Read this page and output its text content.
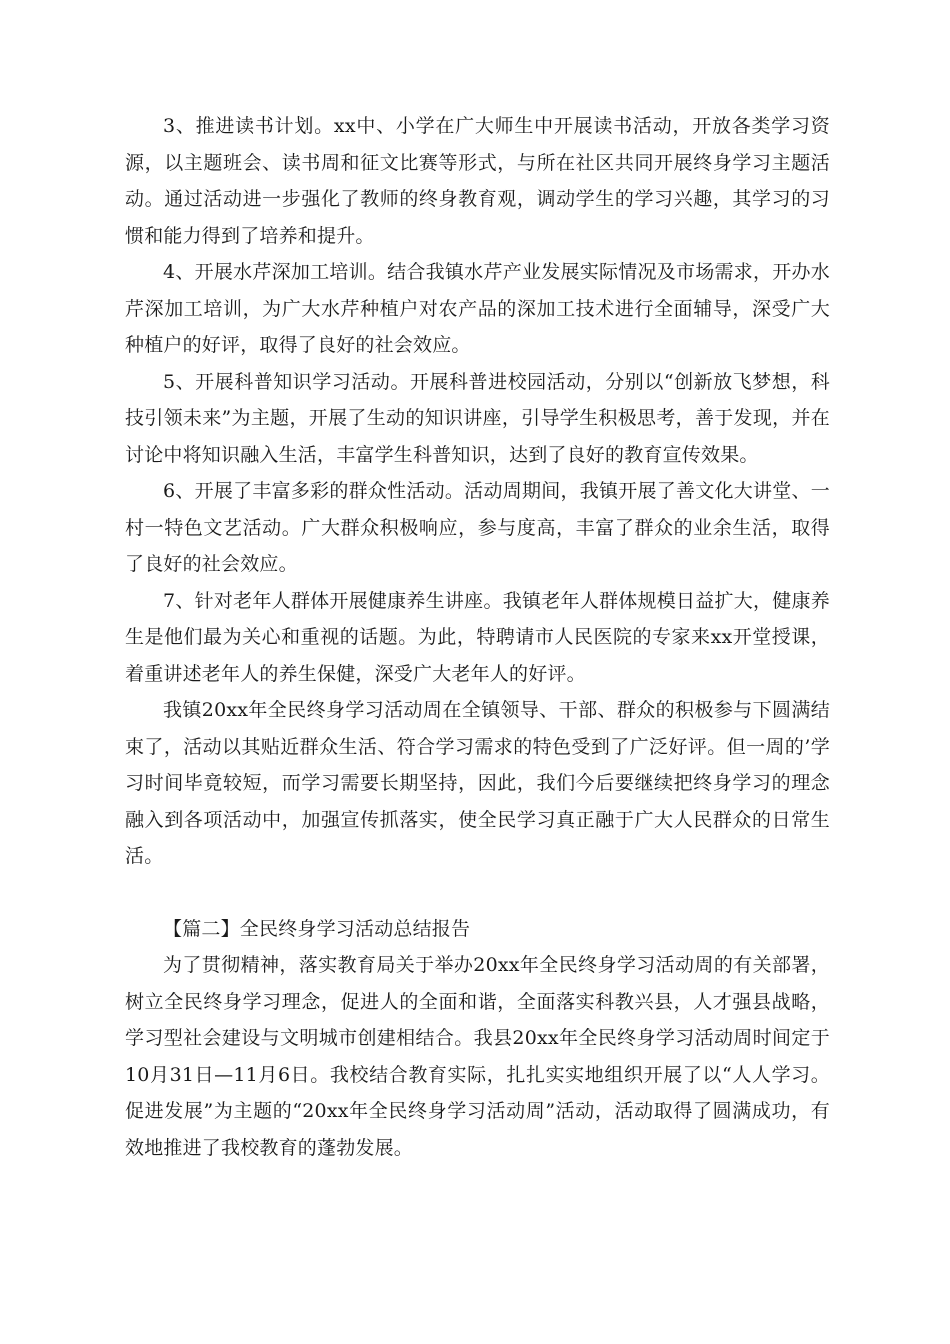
3、推进读书计划。xx中、小学在广大师生中开展读书活动，开放各类学习资源，以主题班会、读书周和征文比赛等形式，与所在社区共同开展终身学习主题活动。通过活动进一步强化了教师的终身教育观，调动学生的学习兴趣，其学习的习惯和能力得到了培养和提升。

4、开展水芹深加工培训。结合我镇水芹产业发展实际情况及市场需求，开办水芹深加工培训，为广大水芹种植户对农产品的深加工技术进行全面辅导，深受广大种植户的好评，取得了良好的社会效应。

5、开展科普知识学习活动。开展科普进校园活动，分别以“创新放飞梦想，科技引领未来”为主题，开展了生动的知识讲座，引导学生积极思考，善于发现，并在讨论中将知识融入生活，丰富学生科普知识，达到了良好的教育宣传效果。

6、开展了丰富多彩的群众性活动。活动周期间，我镇开展了善文化大讲堂、一村一特色文艺活动。广大群众积极响应，参与度高，丰富了群众的业余生活，取得了良好的社会效应。

7、针对老年人群体开展健康养生讲座。我镇老年人群体规模日益扩大，健康养生是他们最为关心和重视的话题。为此，特聘请市人民医院的专家来xx开堂授课，着重讲述老年人的养生保健，深受广大老年人的好评。

我镇20xx年全民终身学习活动周在全镇领导、干部、群众的积极参与下圆满结束了，活动以其贴近群众生活、符合学习需求的特色受到了广泛好评。但一周的’学习时间毕竟较短，而学习需要长期坚持，因此，我们今后要继续把终身学习的理念融入到各项活动中，加强宣传抓落实，使全民学习真正融于广大人民群众的日常生活。

【篇二】全民终身学习活动总结报告

为了贯彻精神，落实教育局关于举办20xx年全民终身学习活动周的有关部署，树立全民终身学习理念，促进人的全面和谐，全面落实科教兴县，人才强县战略，学习型社会建设与文明城市创建相结合。我县20xx年全民终身学习活动周时间定于10月31日—11月6日。我校结合教育实际，扎扎实实地组织开展了以“人人学习。促进发展”为主题的“20xx年全民终身学习活动周”活动，活动取得了圆满成功，有效地推进了我校教育的蓬勃发展。
